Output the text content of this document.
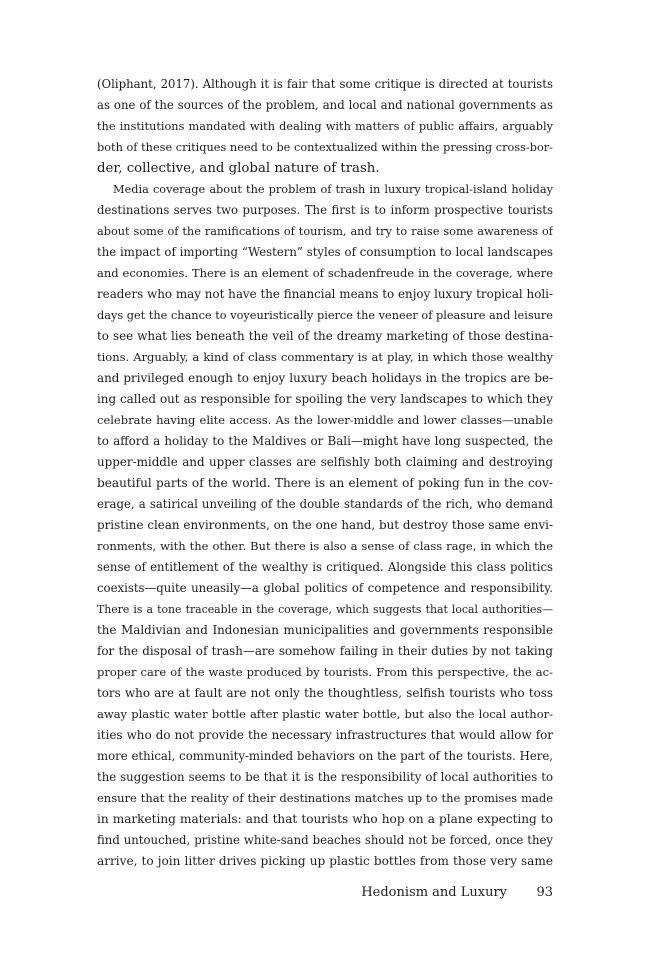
(Oliphant, 2017). Although it is fair that some critique is directed at tourists
as one of the sources of the problem, and local and national governments as
the institutions mandated with dealing with matters of public affairs, arguably
both of these critiques need to be contextualized within the pressing cross-bor-
der, collective, and global nature of trash.
Media coverage about the problem of trash in luxury tropical-island holiday
destinations serves two purposes. The first is to inform prospective tourists
about some of the ramifications of tourism, and try to raise some awareness of
the impact of importing “Western” styles of consumption to local landscapes
and economies. There is an element of schadenfreude in the coverage, where
readers who may not have the financial means to enjoy luxury tropical holi-
days get the chance to voyeuristically pierce the veneer of pleasure and leisure
to see what lies beneath the veil of the dreamy marketing of those destina-
tions. Arguably, a kind of class commentary is at play, in which those wealthy
and privileged enough to enjoy luxury beach holidays in the tropics are be-
ing called out as responsible for spoiling the very landscapes to which they
celebrate having elite access. As the lower-middle and lower classes—unable
to afford a holiday to the Maldives or Bali—might have long suspected, the
upper-middle and upper classes are selfishly both claiming and destroying
beautiful parts of the world. There is an element of poking fun in the cov-
erage, a satirical unveiling of the double standards of the rich, who demand
pristine clean environments, on the one hand, but destroy those same envi-
ronments, with the other. But there is also a sense of class rage, in which the
sense of entitlement of the wealthy is critiqued. Alongside this class politics
coexists—quite uneasily—a global politics of competence and responsibility.
There is a tone traceable in the coverage, which suggests that local authorities—
the Maldivian and Indonesian municipalities and governments responsible
for the disposal of trash—are somehow failing in their duties by not taking
proper care of the waste produced by tourists. From this perspective, the ac-
tors who are at fault are not only the thoughtless, selfish tourists who toss
away plastic water bottle after plastic water bottle, but also the local author-
ities who do not provide the necessary infrastructures that would allow for
more ethical, community-minded behaviors on the part of the tourists. Here,
the suggestion seems to be that it is the responsibility of local authorities to
ensure that the reality of their destinations matches up to the promises made
in marketing materials: and that tourists who hop on a plane expecting to
find untouched, pristine white-sand beaches should not be forced, once they
arrive, to join litter drives picking up plastic bottles from those very same
Hedonism and Luxury 93
